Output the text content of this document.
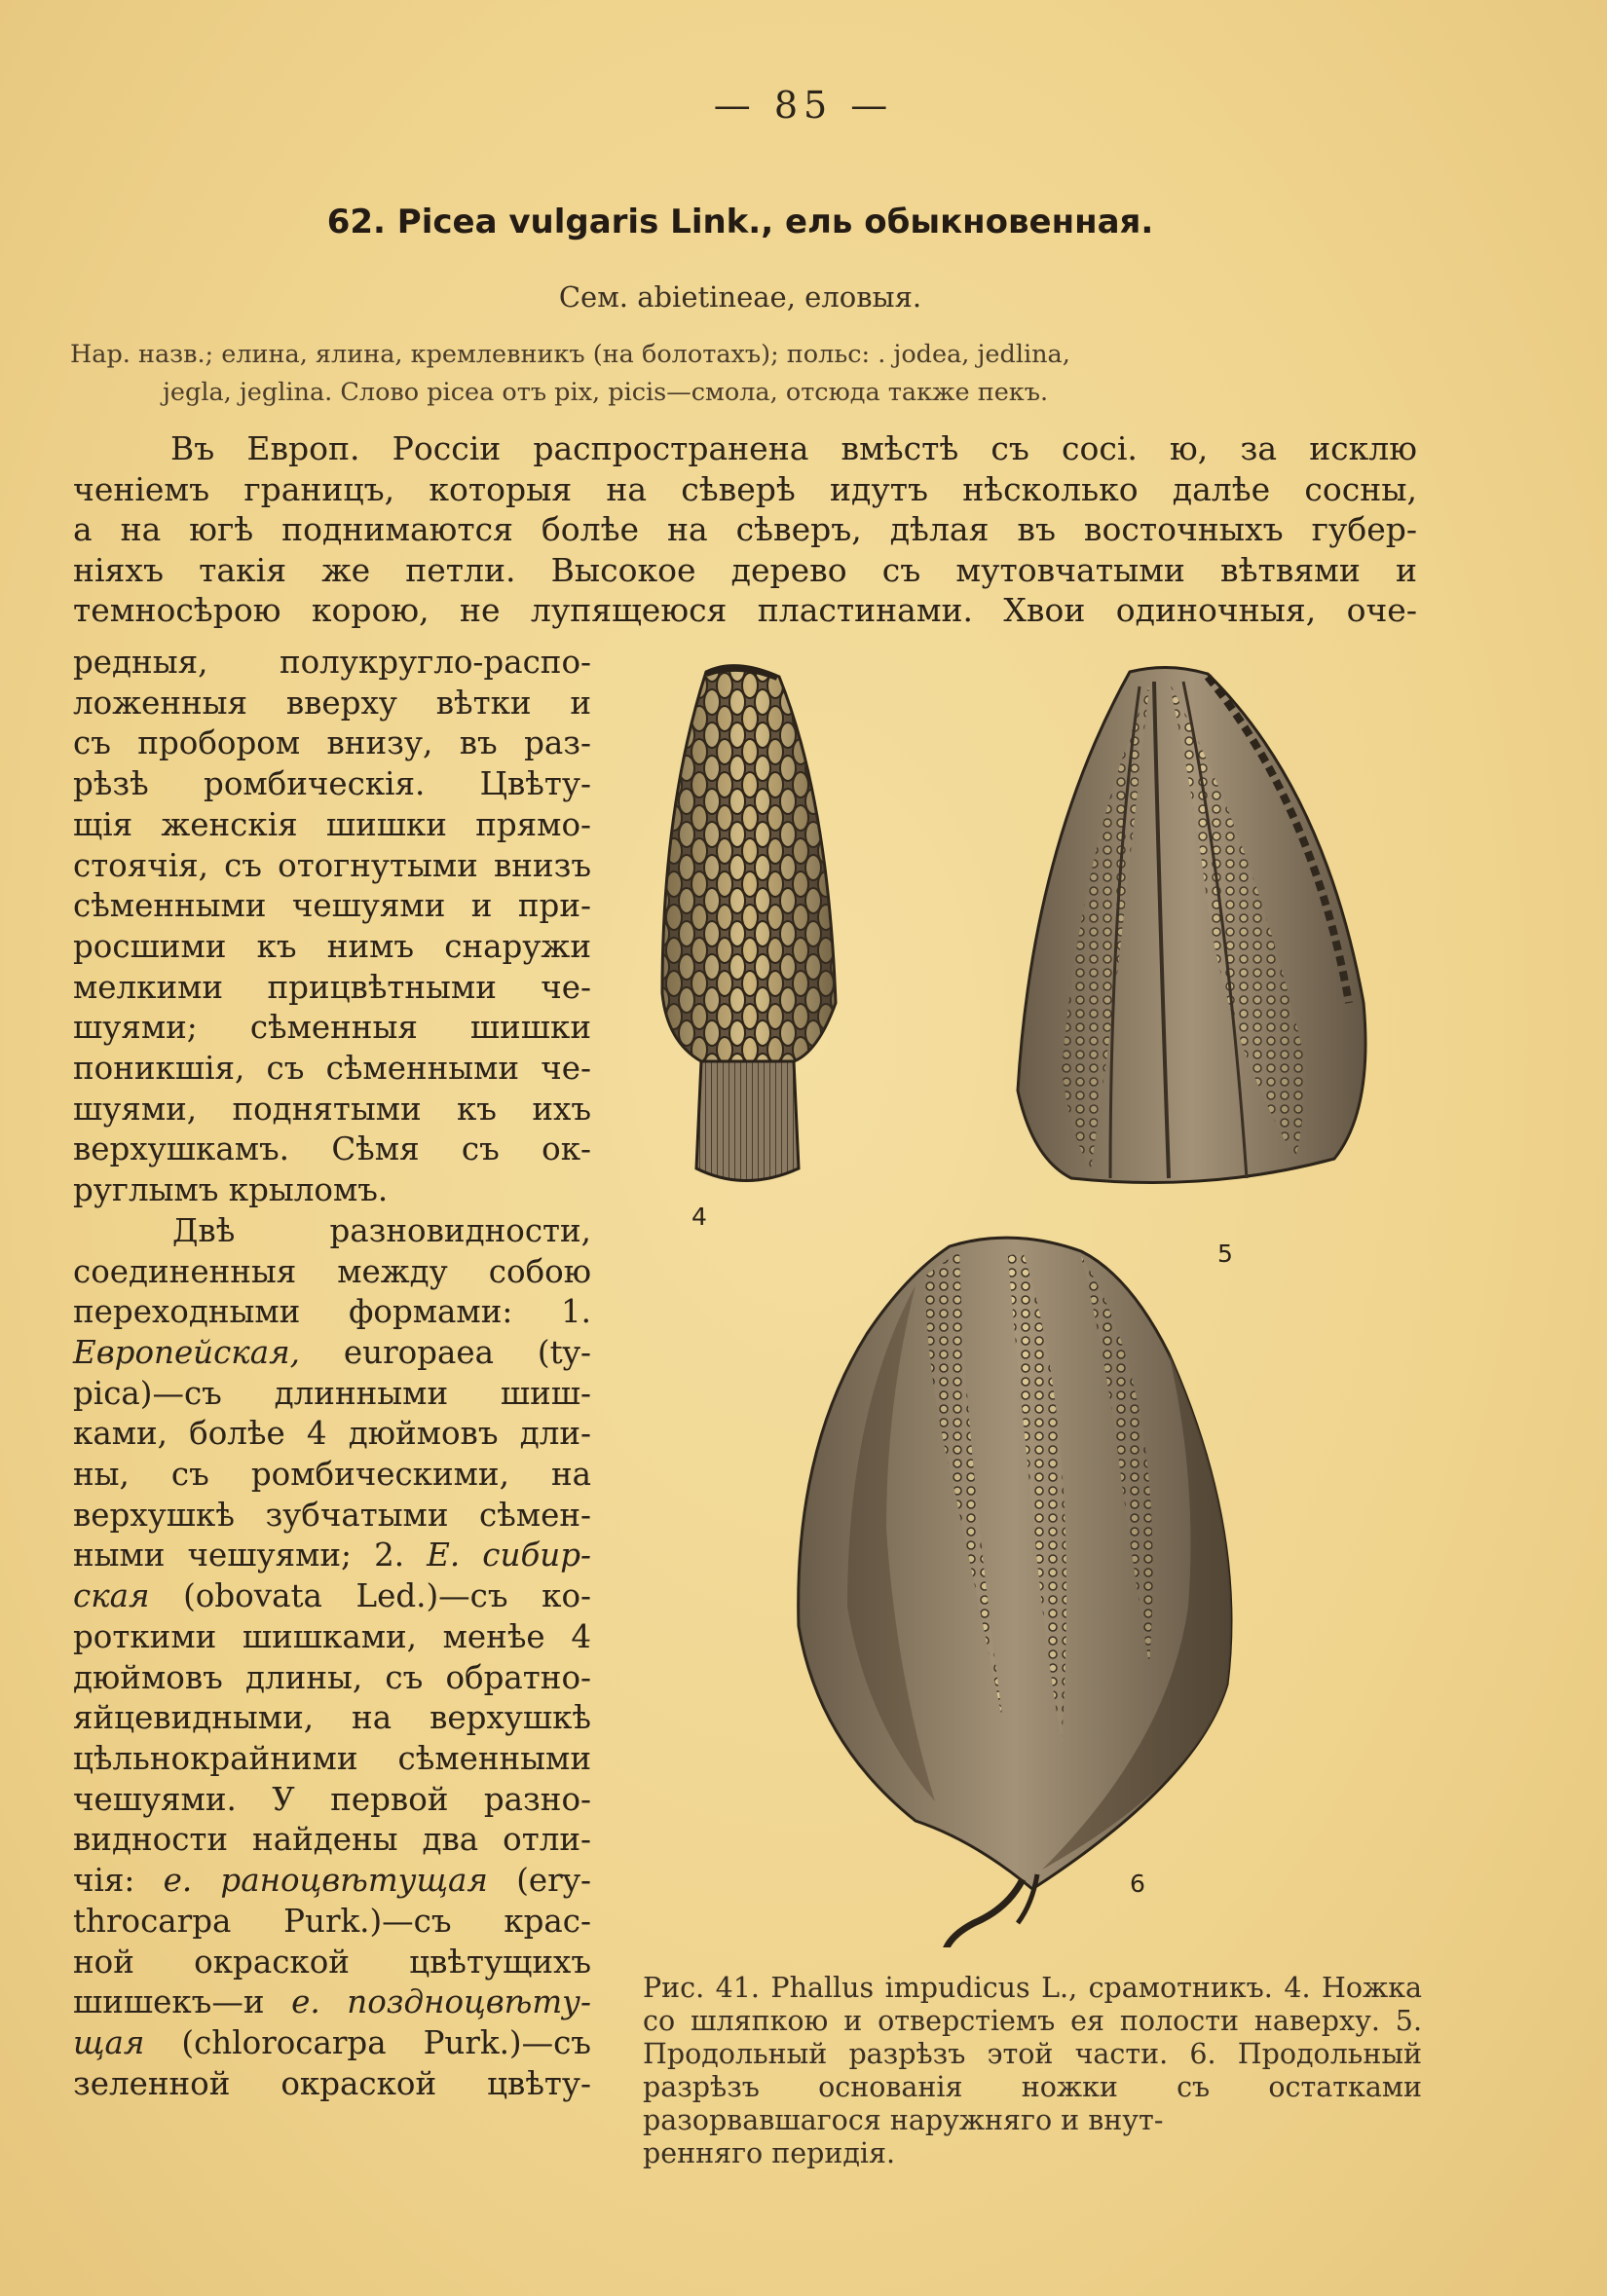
— 85 —
62. Picea vulgaris Link., ель обыкновенная.
Сем. abietineae, еловыя.
Нар. назв.; елина, ялина, кремлевникъ (на болотахъ); польс: . jodea, jedlina,
jegla, jeglina. Слово picea отъ pix, picis—смола, отсюда также пекъ.
Въ Европ. Россіи распространена вмѣстѣ съ сосі. ю, за исклю
ченіемъ границъ, которыя на сѣверѣ идутъ нѣсколько далѣе сосны,
а на югѣ поднимаются болѣе на сѣверъ, дѣлая въ восточныхъ губер-
ніяхъ такія же петли. Высокое дерево съ мутовчатыми вѣтвями и
темносѣрою корою, не лупящеюся пластинами. Хвои одиночныя, оче-
редныя, полукругло-распо-
ложенныя вверху вѣтки и
съ пробором внизу, въ раз-
рѣзѣ ромбическія. Цвѣту-
щія женскія шишки прямо-
стоячія, съ отогнутыми внизъ
сѣменными чешуями и при-
росшими къ нимъ снаружи
мелкими прицвѣтными че-
шуями; сѣменныя шишки
поникшія, съ сѣменными че-
шуями, поднятыми къ ихъ
верхушкамъ. Сѣмя съ ок-
руглымъ крыломъ.
Двѣ разновидности,
соединенныя между собою
переходными формами: 1.
Европейская, europaea (ty-
pica)—съ длинными шиш-
ками, болѣе 4 дюймовъ дли-
ны, съ ромбическими, на
верхушкѣ зубчатыми сѣмен-
ными чешуями; 2. Е. сибир-
ская (obovata Led.)—съ ко-
роткими шишками, менѣе 4
дюймовъ длины, съ обратно-
яйцевидными, на верхушкѣ
цѣльнокрайними сѣменными
чешуями. У первой разно-
видности найдены два отли-
чія: е. раноцвѣтущая (ery-
throcarpa Purk.)—съ крас-
ной окраской цвѣтущихъ
шишекъ—и е. поздноцвѣту-
щая (chlorocarpa Purk.)—съ
зеленной окраской цвѣту-
4
5
6
Рис. 41. Phallus impudicus L., срамотникъ. 4. Ножка со шляпкою и отверстіемъ ея полости наверху. 5. Продольный разрѣзъ этой части. 6. Продольный разрѣзъ основанія ножки съ остатками разорвавшагося наружняго и внут-
ренняго перидія.
